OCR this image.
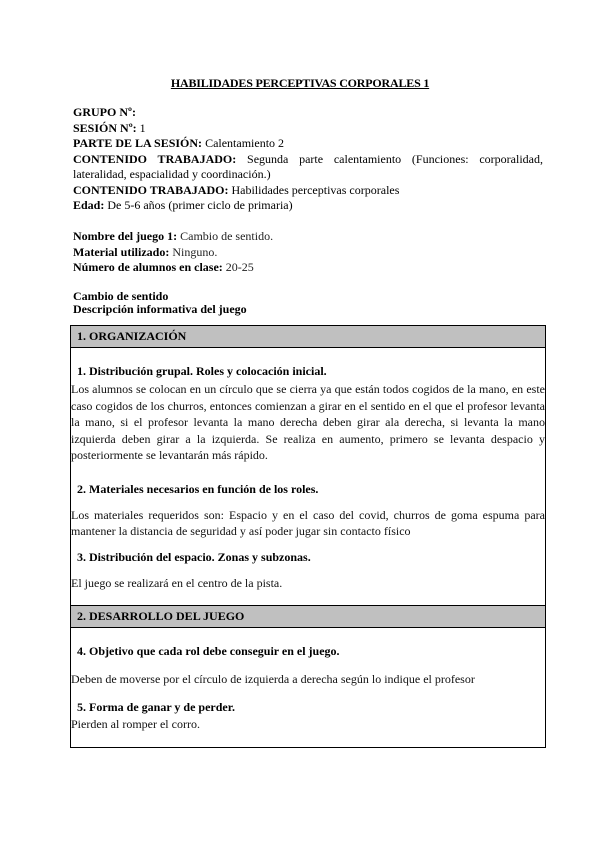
HABILIDADES PERCEPTIVAS CORPORALES 1
GRUPO Nº:
SESIÓN Nº: 1
PARTE DE LA SESIÓN: Calentamiento 2
CONTENIDO TRABAJADO: Segunda parte calentamiento (Funciones: corporalidad, lateralidad, espacialidad y coordinación.)
CONTENIDO TRABAJADO: Habilidades perceptivas corporales
Edad: De 5-6 años (primer ciclo de primaria)
Nombre del juego 1: Cambio de sentido.
Material utilizado: Ninguno.
Número de alumnos en clase: 20-25
Cambio de sentido
Descripción informativa del juego
1. ORGANIZACIÓN
1. Distribución grupal. Roles y colocación inicial.
Los alumnos se colocan en un círculo que se cierra ya que están todos cogidos de la mano, en este caso cogidos de los churros, entonces comienzan a girar en el sentido en el que el profesor levanta la mano, si el profesor levanta la mano derecha deben girar ala derecha, si levanta la mano izquierda deben girar a la izquierda. Se realiza en aumento, primero se levanta despacio y posteriormente se levantarán más rápido.
2. Materiales necesarios en función de los roles.
Los materiales requeridos son: Espacio y en el caso del covid, churros de goma espuma para mantener la distancia de seguridad y así poder jugar sin contacto físico
3. Distribución del espacio. Zonas y subzonas.
El juego se realizará en el centro de la pista.
2. DESARROLLO DEL JUEGO
4. Objetivo que cada rol debe conseguir en el juego.
Deben de moverse por el círculo de izquierda a derecha según lo indique el profesor
5. Forma de ganar y de perder.
Pierden al romper el corro.
